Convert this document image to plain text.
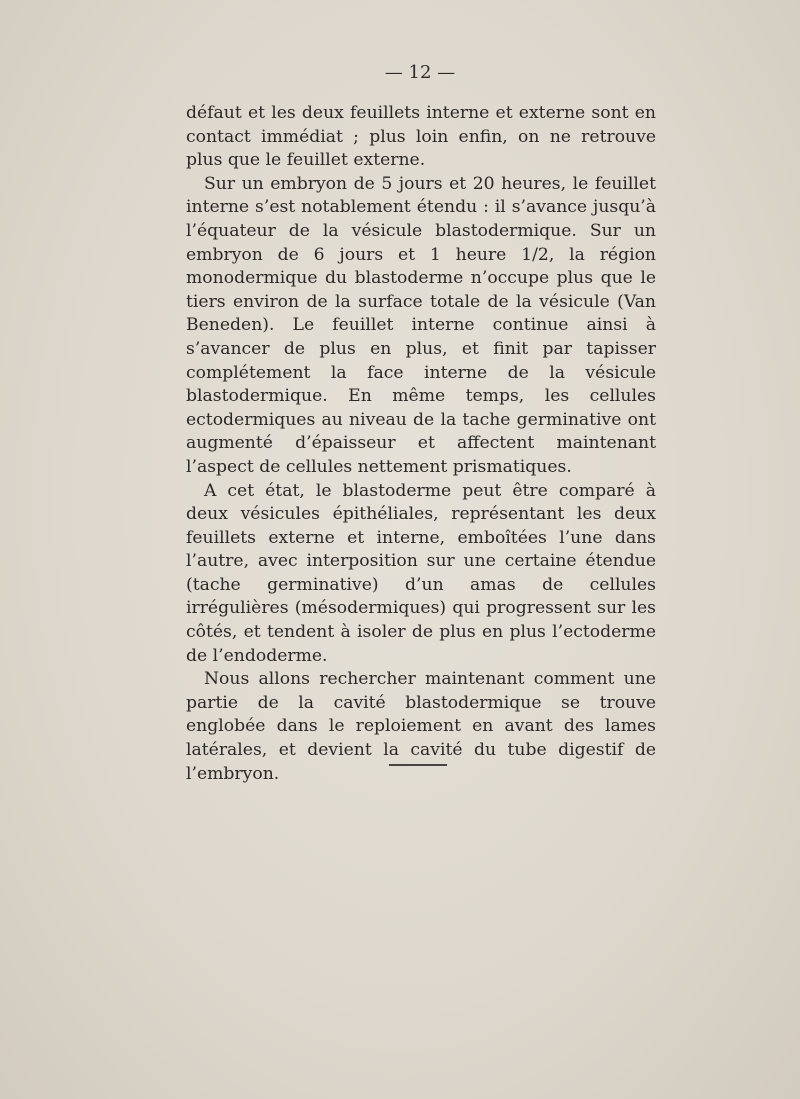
— 12 —

défaut et les deux feuillets interne et externe sont en contact immédiat ; plus loin enfin, on ne retrouve plus que le feuillet externe.

Sur un embryon de 5 jours et 20 heures, le feuillet interne s’est notablement étendu : il s’avance jusqu’à l’équateur de la vésicule blastodermique. Sur un embryon de 6 jours et 1 heure 1/2, la région monodermique du blastoderme n’occupe plus que le tiers environ de la surface totale de la vésicule (Van Beneden). Le feuillet interne continue ainsi à s’avancer de plus en plus, et finit par tapisser complétement la face interne de la vésicule blastodermique. En même temps, les cellules ectodermiques au niveau de la tache germinative ont augmenté d’épaisseur et affectent maintenant l’aspect de cellules nettement prismatiques.

A cet état, le blastoderme peut être comparé à deux vésicules épithéliales, représentant les deux feuillets externe et interne, emboîtées l’une dans l’autre, avec interposition sur une certaine étendue (tache germinative) d’un amas de cellules irrégulières (mésodermiques) qui progressent sur les côtés, et tendent à isoler de plus en plus l’ectoderme de l’endoderme.

Nous allons rechercher maintenant comment une partie de la cavité blastodermique se trouve englobée dans le reploiement en avant des lames latérales, et devient la cavité du tube digestif de l’embryon.
